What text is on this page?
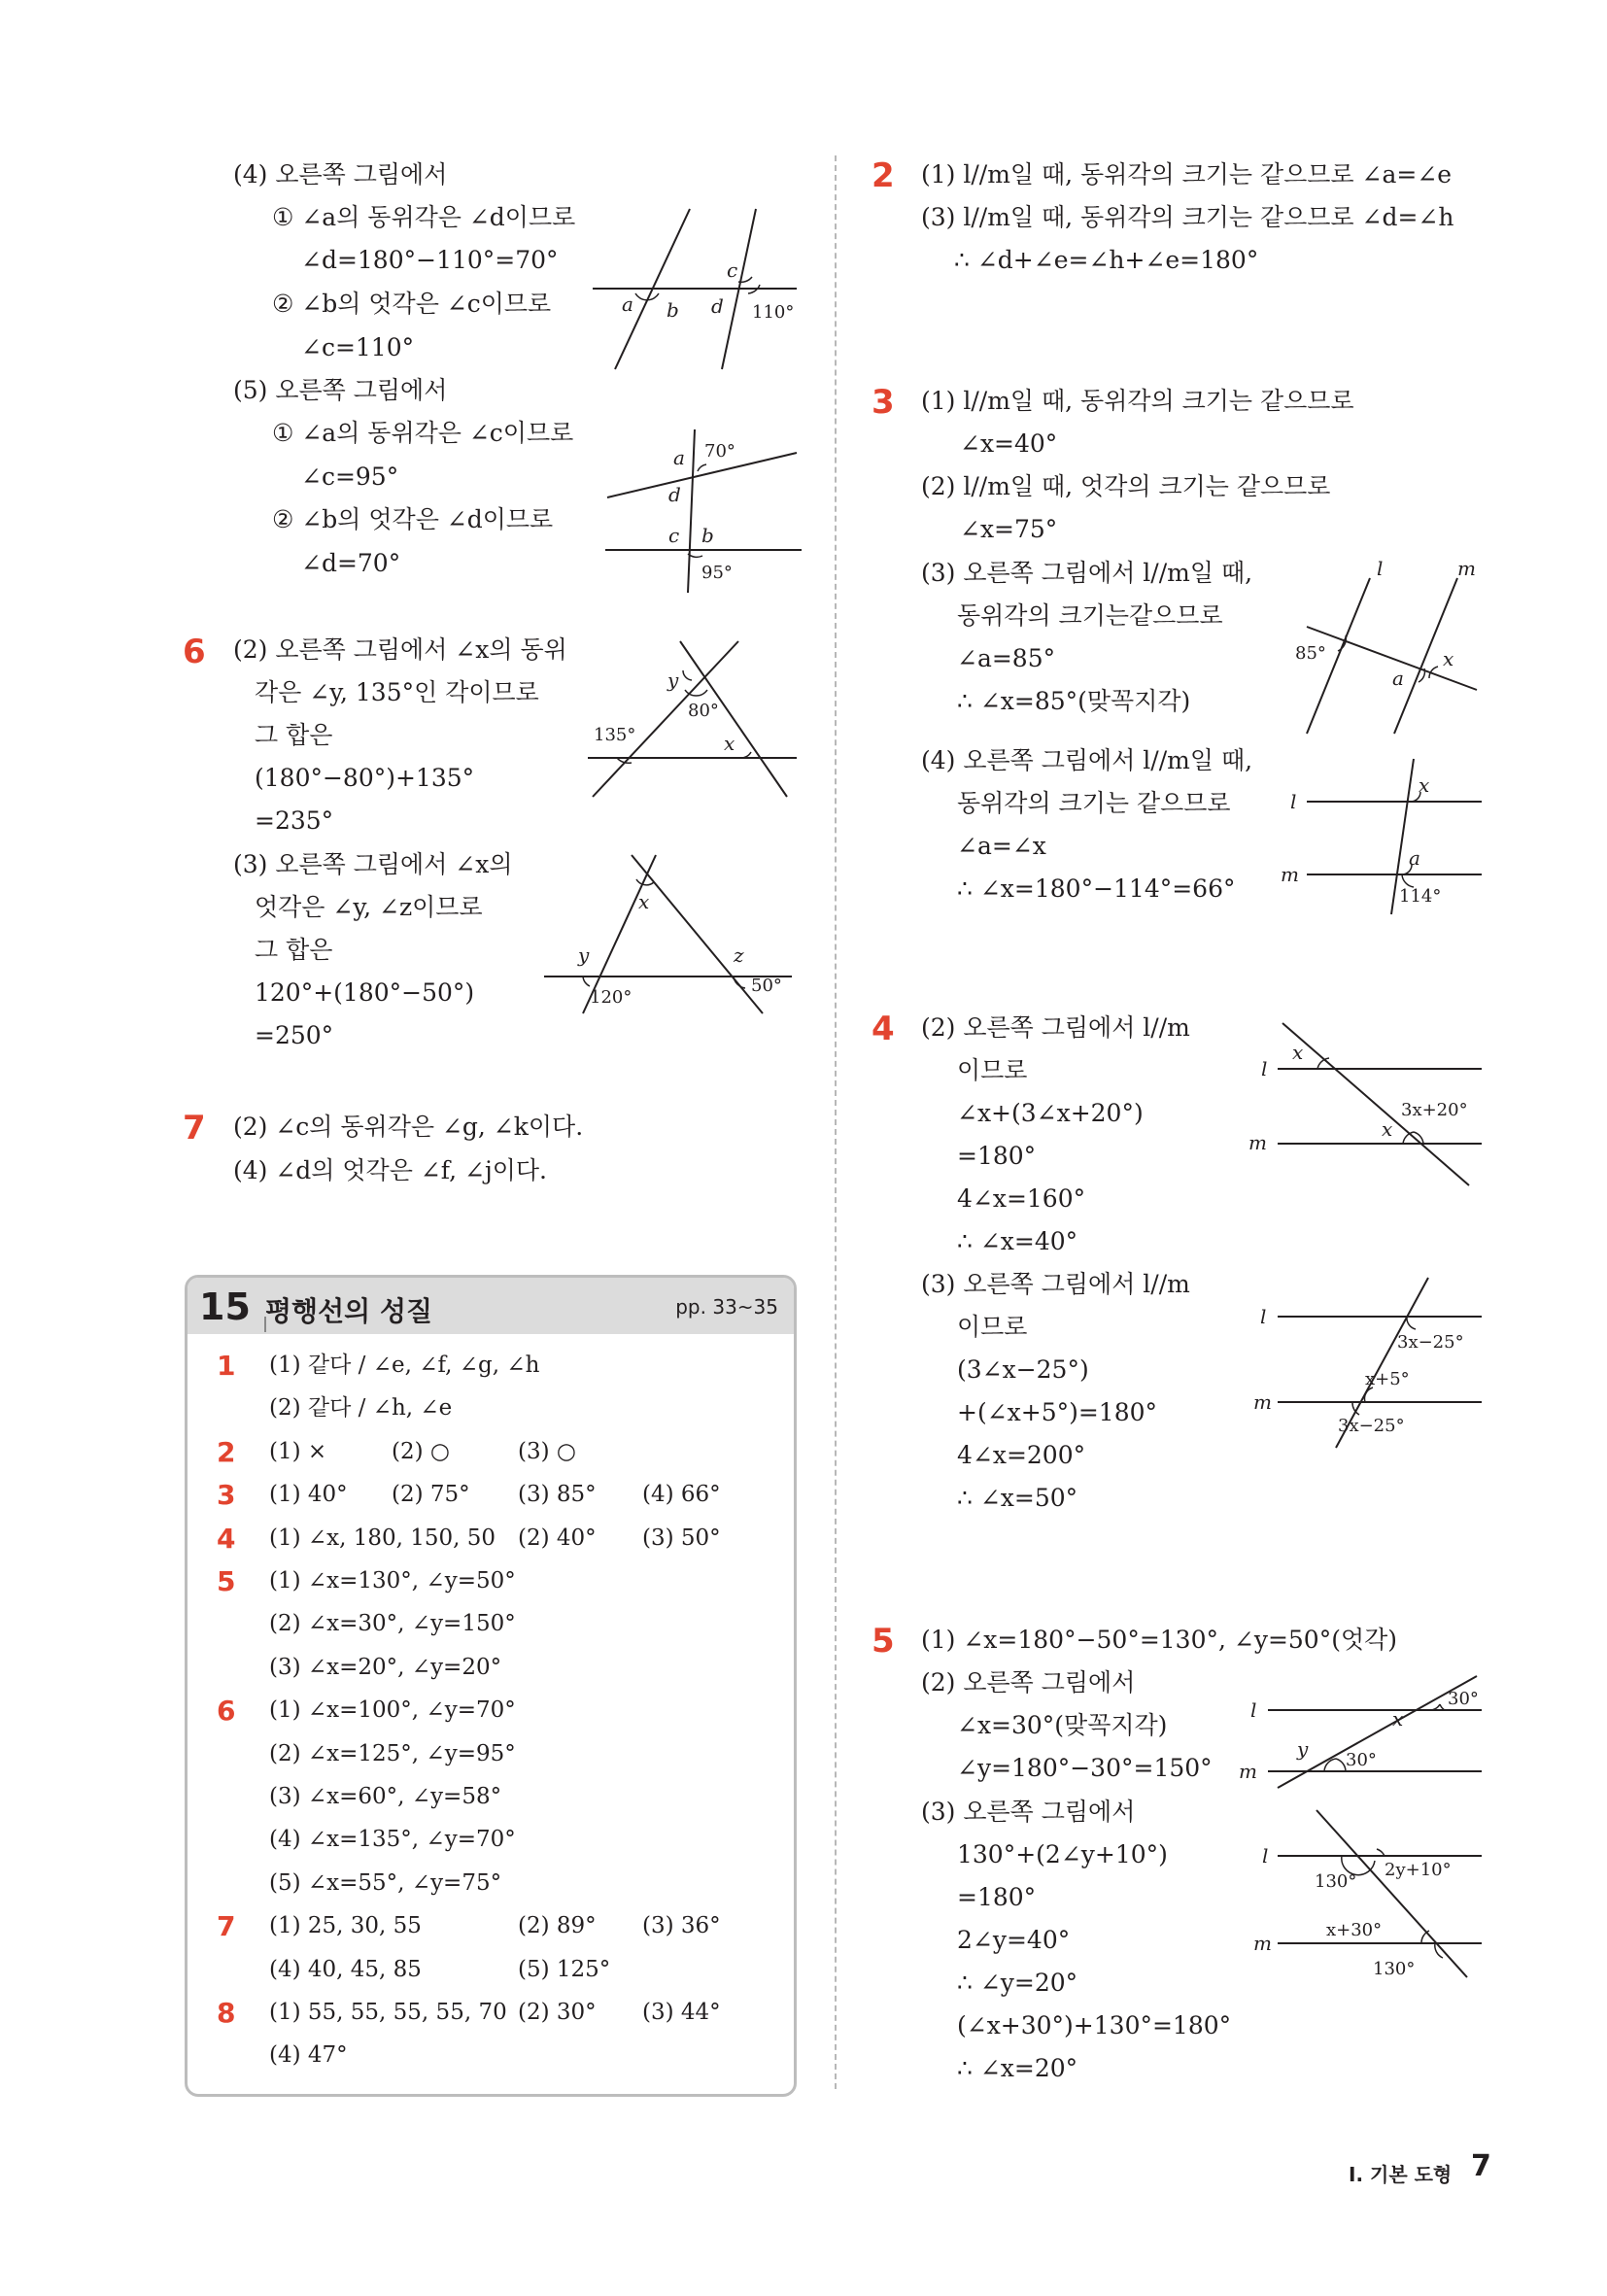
(4) 오른쪽 그림에서
① ∠a의 동위각은 ∠d이므로
∠d=180°−110°=70°
② ∠b의 엇각은 ∠c이므로
∠c=110°
c
a b d 110°
(5) 오른쪽 그림에서
① ∠a의 동위각은 ∠c이므로
∠c=95°
② ∠b의 엇각은 ∠d이므로
∠d=70°
a 70°
d
c b
95°
6 (2) 오른쪽 그림에서 ∠x의 동위
각은 ∠y, 135°인 각이므로
그 합은
(180°−80°)+135°
=235°
y
80°
135°	x
(3) 오른쪽 그림에서 ∠x의
엇각은 ∠y, ∠z이므로
그 합은
120°+(180°−50°)
=250°
x
y	z
120°
50°
7 (2) ∠c의 동위각은 ∠g, ∠k이다.
(4) ∠d의 엇각은 ∠f, ∠j이다.
15 평행선의 성질	pp. 33~35
1 (1) 같다 / ∠e, ∠f, ∠g, ∠h
(2) 같다 / ∠h, ∠e
2 (1) ×	(2) ○	(3) ○
3 (1) 40° (2) 75° (3) 85° (4) 66°
4 (1) ∠x, 180, 150, 50 (2) 40° (3) 50°
5 (1) ∠x=130°, ∠y=50°
(2) ∠x=30°, ∠y=150°
(3) ∠x=20°, ∠y=20°
6 (1) ∠x=100°, ∠y=70°
(2) ∠x=125°, ∠y=95°
(3) ∠x=60°, ∠y=58°
(4) ∠x=135°, ∠y=70°
(5) ∠x=55°, ∠y=75°
7 (1) 25, 30, 55	(2) 89° (3) 36°
(4) 40, 45, 85	(5) 125°
8 (1) 55, 55, 55, 55, 70 (2) 30° (3) 44°
(4) 47°
2 (1) l//m일 때, 동위각의 크기는 같으므로 ∠a=∠e
(3) l//m일 때, 동위각의 크기는 같으므로 ∠d=∠h
∴ ∠d+∠e=∠h+∠e=180°
3 (1) l//m일 때, 동위각의 크기는 같으므로
∠x=40°
(2) l//m일 때, 엇각의 크기는 같으므로
∠x=75°
(3) 오른쪽 그림에서 l//m일 때,
동위각의 크기는같으므로
∠a=85°
∴ ∠x=85°(맞꼭지각)
l	m
85°
a
x
(4) 오른쪽 그림에서 l//m일 때,
동위각의 크기는 같으므로
∠a=∠x
∴ ∠x=180°−114°=66°
l
m
x
a
114°
4 (2) 오른쪽 그림에서 l//m
이므로
∠x+(3∠x+20°)
=180°
4∠x=160°
∴ ∠x=40°
l
m
x
3x+20°
x
(3) 오른쪽 그림에서 l//m
이므로
(3∠x−25°)
+(∠x+5°)=180°
4∠x=200°
∴ ∠x=50°
l
m
3x−25°
x+5°
3x−25°
5 (1) ∠x=180°−50°=130°, ∠y=50°(엇각)
(2) 오른쪽 그림에서
∠x=30°(맞꼭지각)
∠y=180°−30°=150°
l
m
x
30°
y 30°
(3) 오른쪽 그림에서
130°+(2∠y+10°)
=180°
2∠y=40°
∴ ∠y=20°
(∠x+30°)+130°=180°
∴ ∠x=20°
l
m
130°
2y+10°
x+30°
130°
I. 기본 도형 7
